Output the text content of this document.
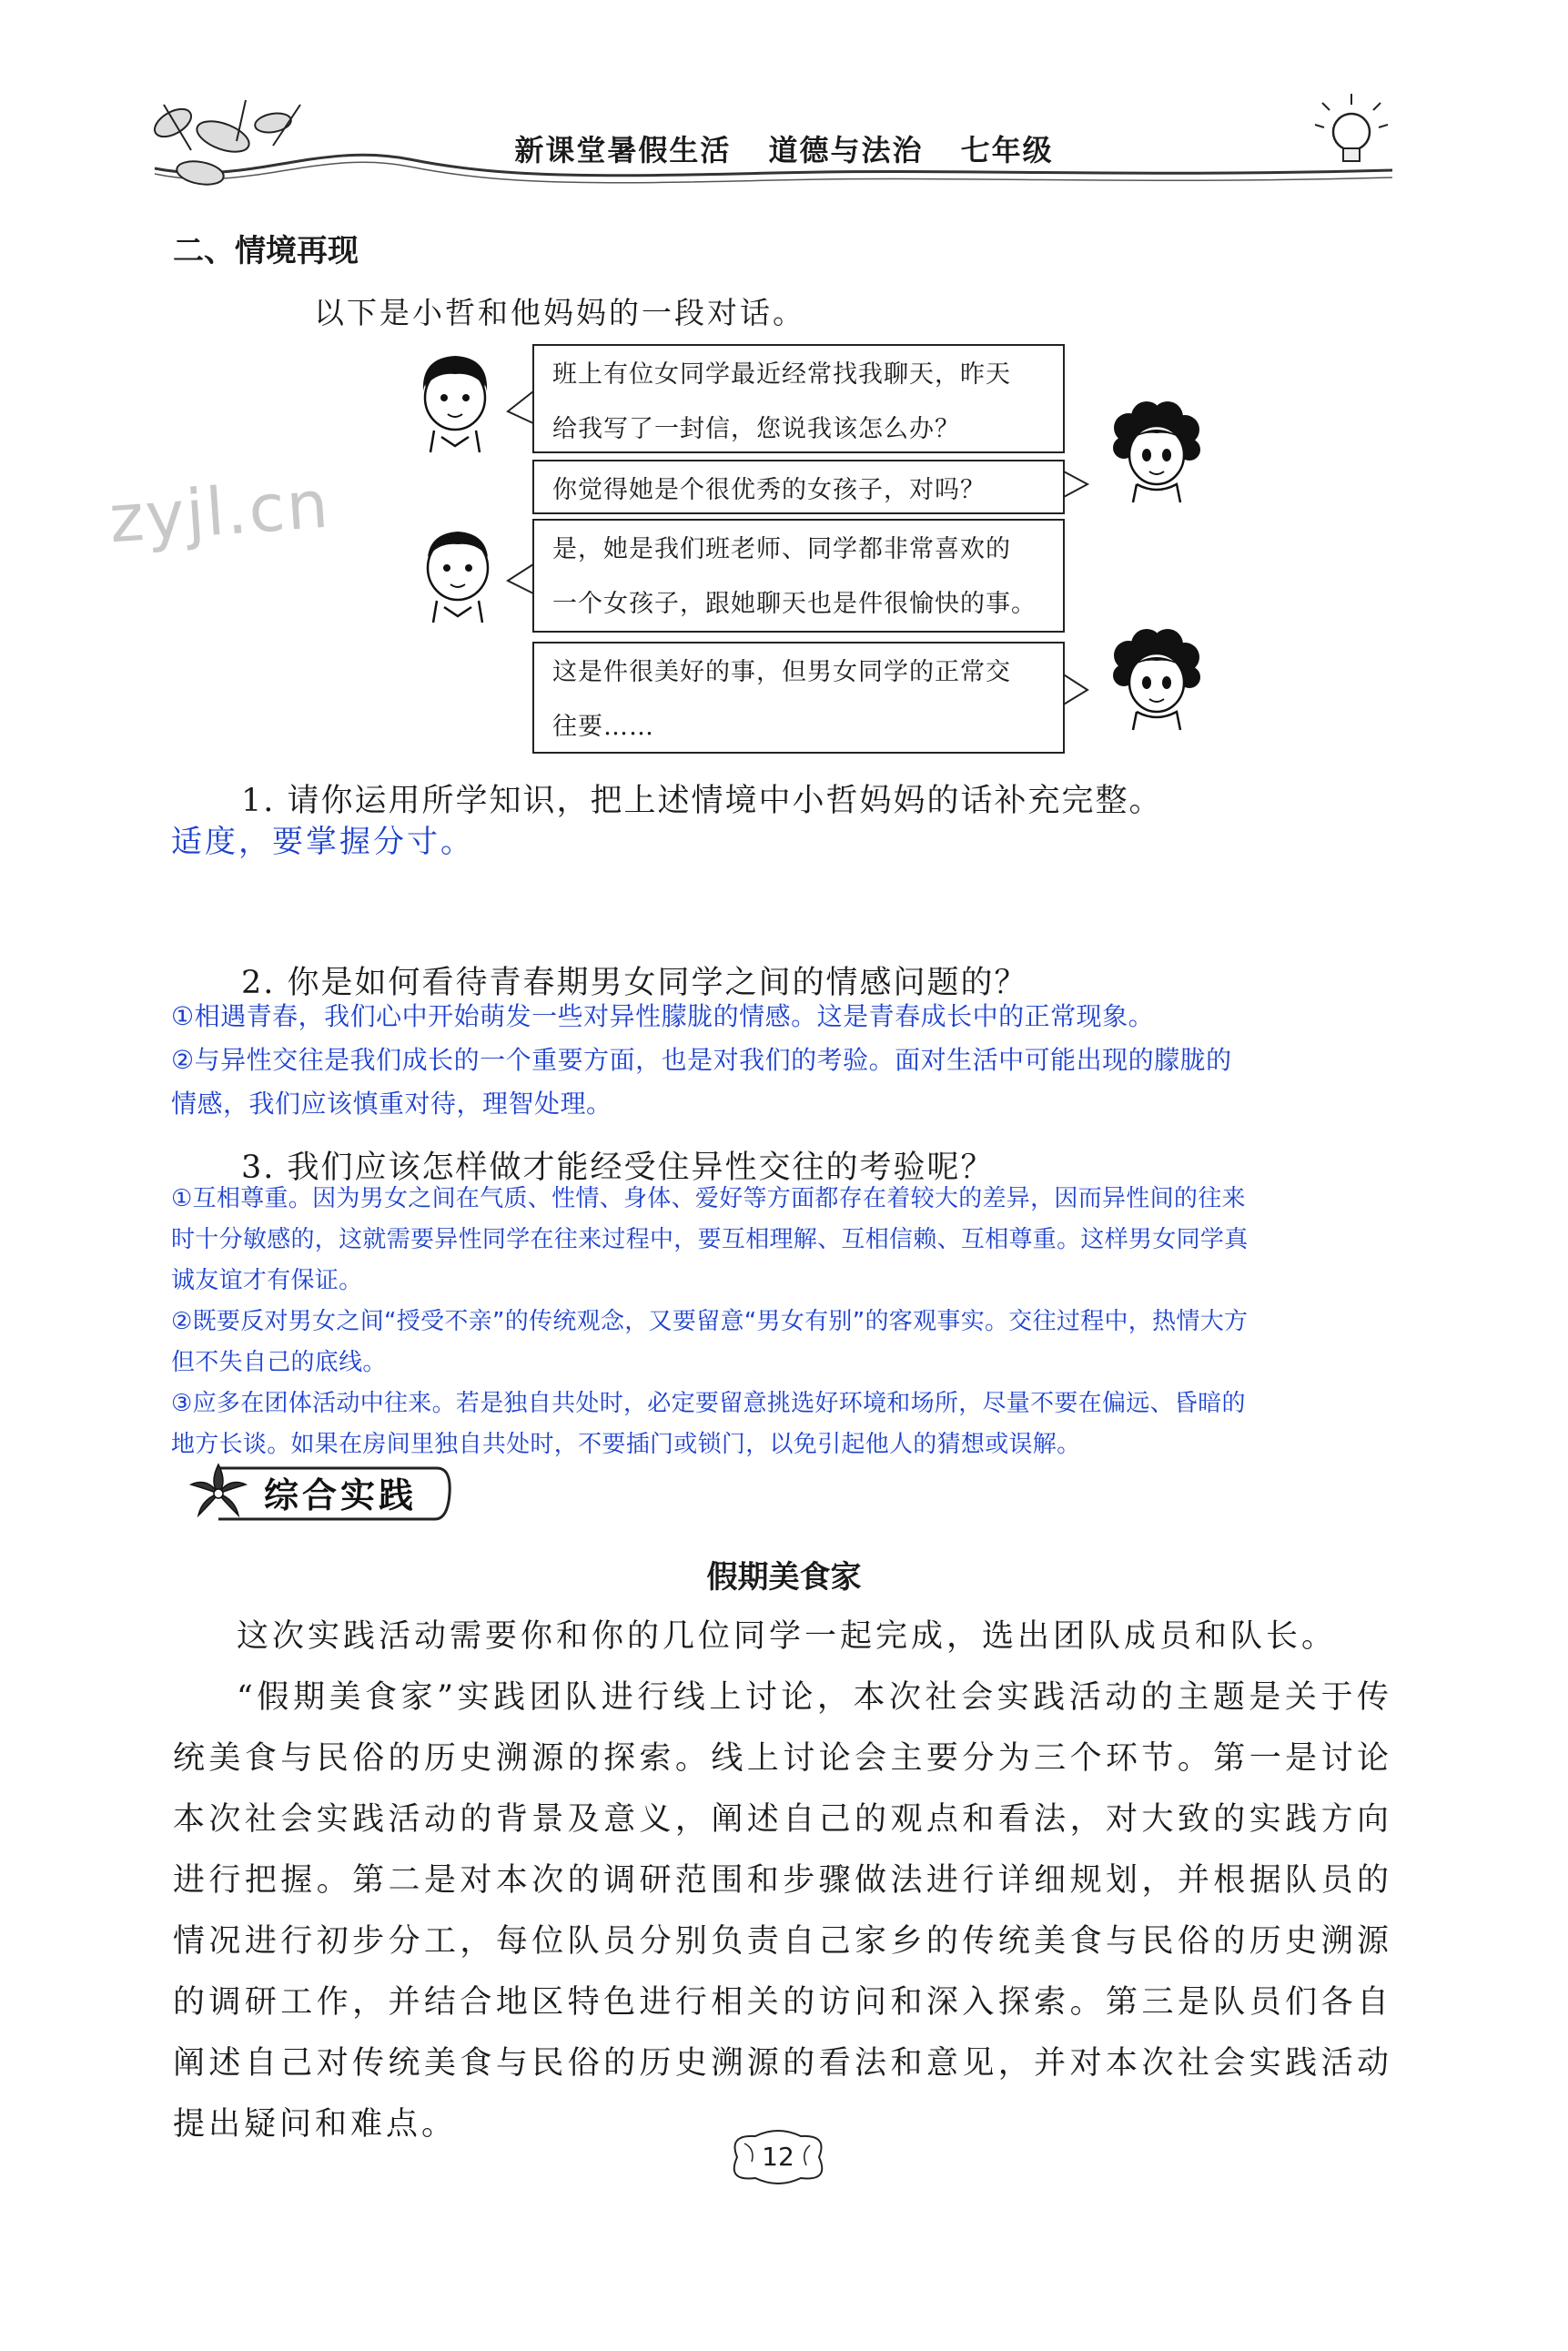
新课堂暑假生活 道德与法治 七年级
zyjl.cn
二、情境再现
以下是小哲和他妈妈的一段对话。
班上有位女同学最近经常找我聊天，昨天
给我写了一封信，您说我该怎么办？
你觉得她是个很优秀的女孩子，对吗？
是，她是我们班老师、同学都非常喜欢的
一个女孩子，跟她聊天也是件很愉快的事。
这是件很美好的事，但男女同学的正常交
往要……
1. 请你运用所学知识，把上述情境中小哲妈妈的话补充完整。
适度，要掌握分寸。
2. 你是如何看待青春期男女同学之间的情感问题的？
①相遇青春，我们心中开始萌发一些对异性朦胧的情感。这是青春成长中的正常现象。
②与异性交往是我们成长的一个重要方面，也是对我们的考验。面对生活中可能出现的朦胧的
情感，我们应该慎重对待，理智处理。
3. 我们应该怎样做才能经受住异性交往的考验呢？
①互相尊重。因为男女之间在气质、性情、身体、爱好等方面都存在着较大的差异，因而异性间的往来
时十分敏感的，这就需要异性同学在往来过程中，要互相理解、互相信赖、互相尊重。这样男女同学真
诚友谊才有保证。
②既要反对男女之间“授受不亲”的传统观念，又要留意“男女有别”的客观事实。交往过程中，热情大方
但不失自己的底线。
③应多在团体活动中往来。若是独自共处时，必定要留意挑选好环境和场所，尽量不要在偏远、昏暗的
地方长谈。如果在房间里独自共处时，不要插门或锁门，以免引起他人的猜想或误解。
综合实践
假期美食家
这次实践活动需要你和你的几位同学一起完成，选出团队成员和队长。
“假期美食家”实践团队进行线上讨论，本次社会实践活动的主题是关于传统美食与民俗的历史溯源的探索。线上讨论会主要分为三个环节。第一是讨论本次社会实践活动的背景及意义，阐述自己的观点和看法，对大致的实践方向进行把握。第二是对本次的调研范围和步骤做法进行详细规划，并根据队员的情况进行初步分工，每位队员分别负责自己家乡的传统美食与民俗的历史溯源的调研工作，并结合地区特色进行相关的访问和深入探索。第三是队员们各自阐述自己对传统美食与民俗的历史溯源的看法和意见，并对本次社会实践活动提出疑问和难点。
12
